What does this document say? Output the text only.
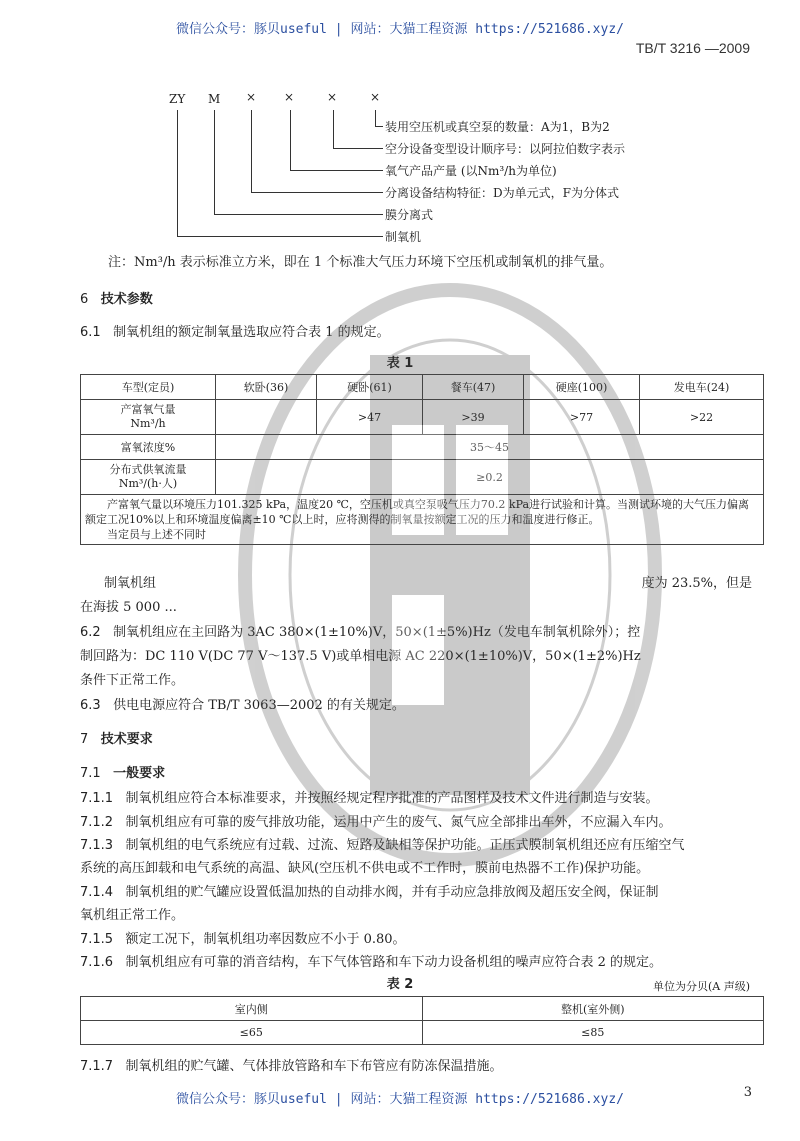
微信公众号：豚贝useful | 网站：大猫工程资源 https://521686.xyz/
TB/T 3216 —2009
ZY M × ×	×	×
装用空压机或真空泵的数量：A为1，B为2
空分设备变型设计顺序号：以阿拉伯数字表示
氧气产品产量 (以Nm³/h为单位)
分离设备结构特征：D为单元式，F为分体式
膜分离式
制氧机
注：Nm³/h 表示标准立方米，即在 1 个标准大气压力环境下空压机或制氧机的排气量。
6 技术参数
6.1 制氧机组的额定制氧量选取应符合表 1 的规定。
表 1
车型(定员)	软卧(36)	硬卧(61)	餐车(47)	硬座(100)	发电车(24)
产富氧气量
Nm³/h		>47	>39	>77	>22
富氧浓度%	35～45				
分布式供氧流量
Nm³/(h·人)	≥0.2				

产富氧气量以环境压力101.325 kPa，温度20 ℃，空压机或真空泵吸气压力70.2 kPa进行试验和计算。当测试环境的大气压力偏离额定工况10%以上和环境温度偏离±10 ℃以上时，应将测得的制氧量按额定工况的压力和温度进行修正。
当定员与上述不同时					
制氧机组	度为 23.5%，但是
在海拔 5 000 ...
6.2 制氧机组应在主回路为 3AC 380×(1±10%)V，50×(1±5%)Hz（发电车制氧机除外）；控
制回路为：DC 110 V(DC 77 V～137.5 V)或单相电源 AC 220×(1±10%)V，50×(1±2%)Hz
条件下正常工作。
6.3 供电电源应符合 TB/T 3063—2002 的有关规定。
7 技术要求
7.1 一般要求
7.1.1 制氧机组应符合本标准要求，并按照经规定程序批准的产品图样及技术文件进行制造与安装。
7.1.2 制氧机组应有可靠的废气排放功能，运用中产生的废气、氮气应全部排出车外，不应漏入车内。
7.1.3 制氧机组的电气系统应有过载、过流、短路及缺相等保护功能。正压式膜制氧机组还应有压缩空气
系统的高压卸载和电气系统的高温、缺风(空压机不供电或不工作时，膜前电热器不工作)保护功能。
7.1.4 制氧机组的贮气罐应设置低温加热的自动排水阀，并有手动应急排放阀及超压安全阀，保证制
氧机组正常工作。
7.1.5 额定工况下，制氧机组功率因数应不小于 0.80。
7.1.6 制氧机组应有可靠的消音结构，车下气体管路和车下动力设备机组的噪声应符合表 2 的规定。
表 2	单位为分贝(A 声级)
室内侧	整机(室外侧)
≤65	≤85
7.1.7 制氧机组的贮气罐、气体排放管路和车下布管应有防冻保温措施。
微信公众号：豚贝useful | 网站：大猫工程资源 https://521686.xyz/	3
